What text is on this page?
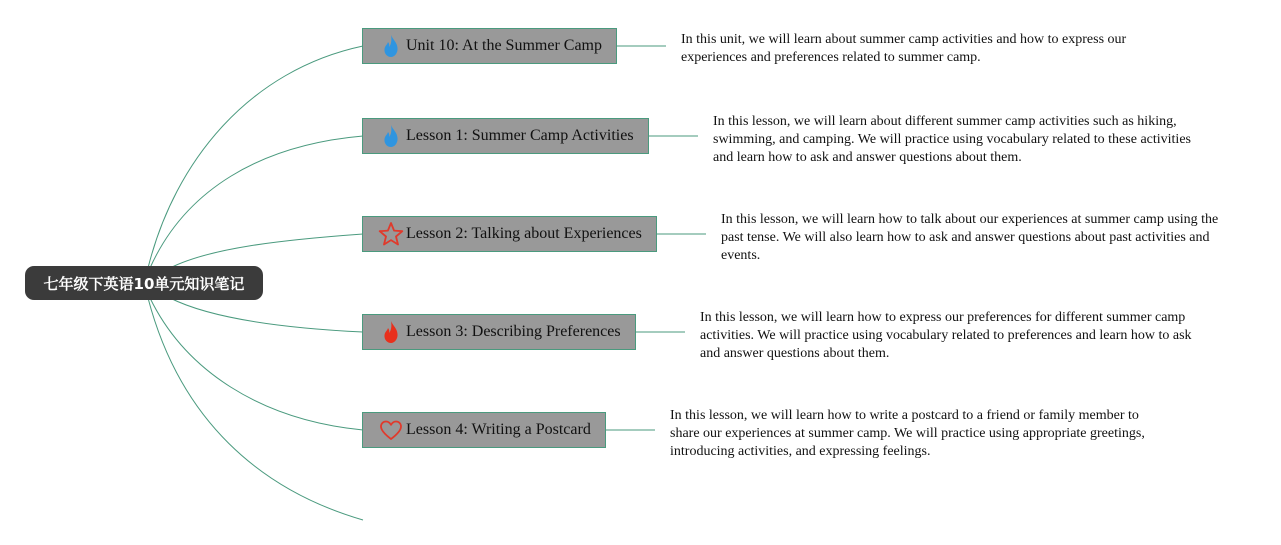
七年级下英语10单元知识笔记
Unit 10: At the Summer Camp	In this unit, we will learn about summer camp activities and how to express our experiences and preferences related to summer camp.
Lesson 1: Summer Camp Activities
In this lesson, we will learn about different summer camp activities such as hiking, swimming, and camping. We will practice using vocabulary related to these activities and learn how to ask and answer questions about them.
Lesson 2: Talking about Experiences
In this lesson, we will learn how to talk about our experiences at summer camp using the past tense. We will also learn how to ask and answer questions about past activities and events.
Lesson 3: Describing Preferences
In this lesson, we will learn how to express our preferences for different summer camp activities. We will practice using vocabulary related to preferences and learn how to ask and answer questions about them.
Lesson 4: Writing a Postcard
In this lesson, we will learn how to write a postcard to a friend or family member to share our experiences at summer camp. We will practice using appropriate greetings, introducing activities, and expressing feelings.
